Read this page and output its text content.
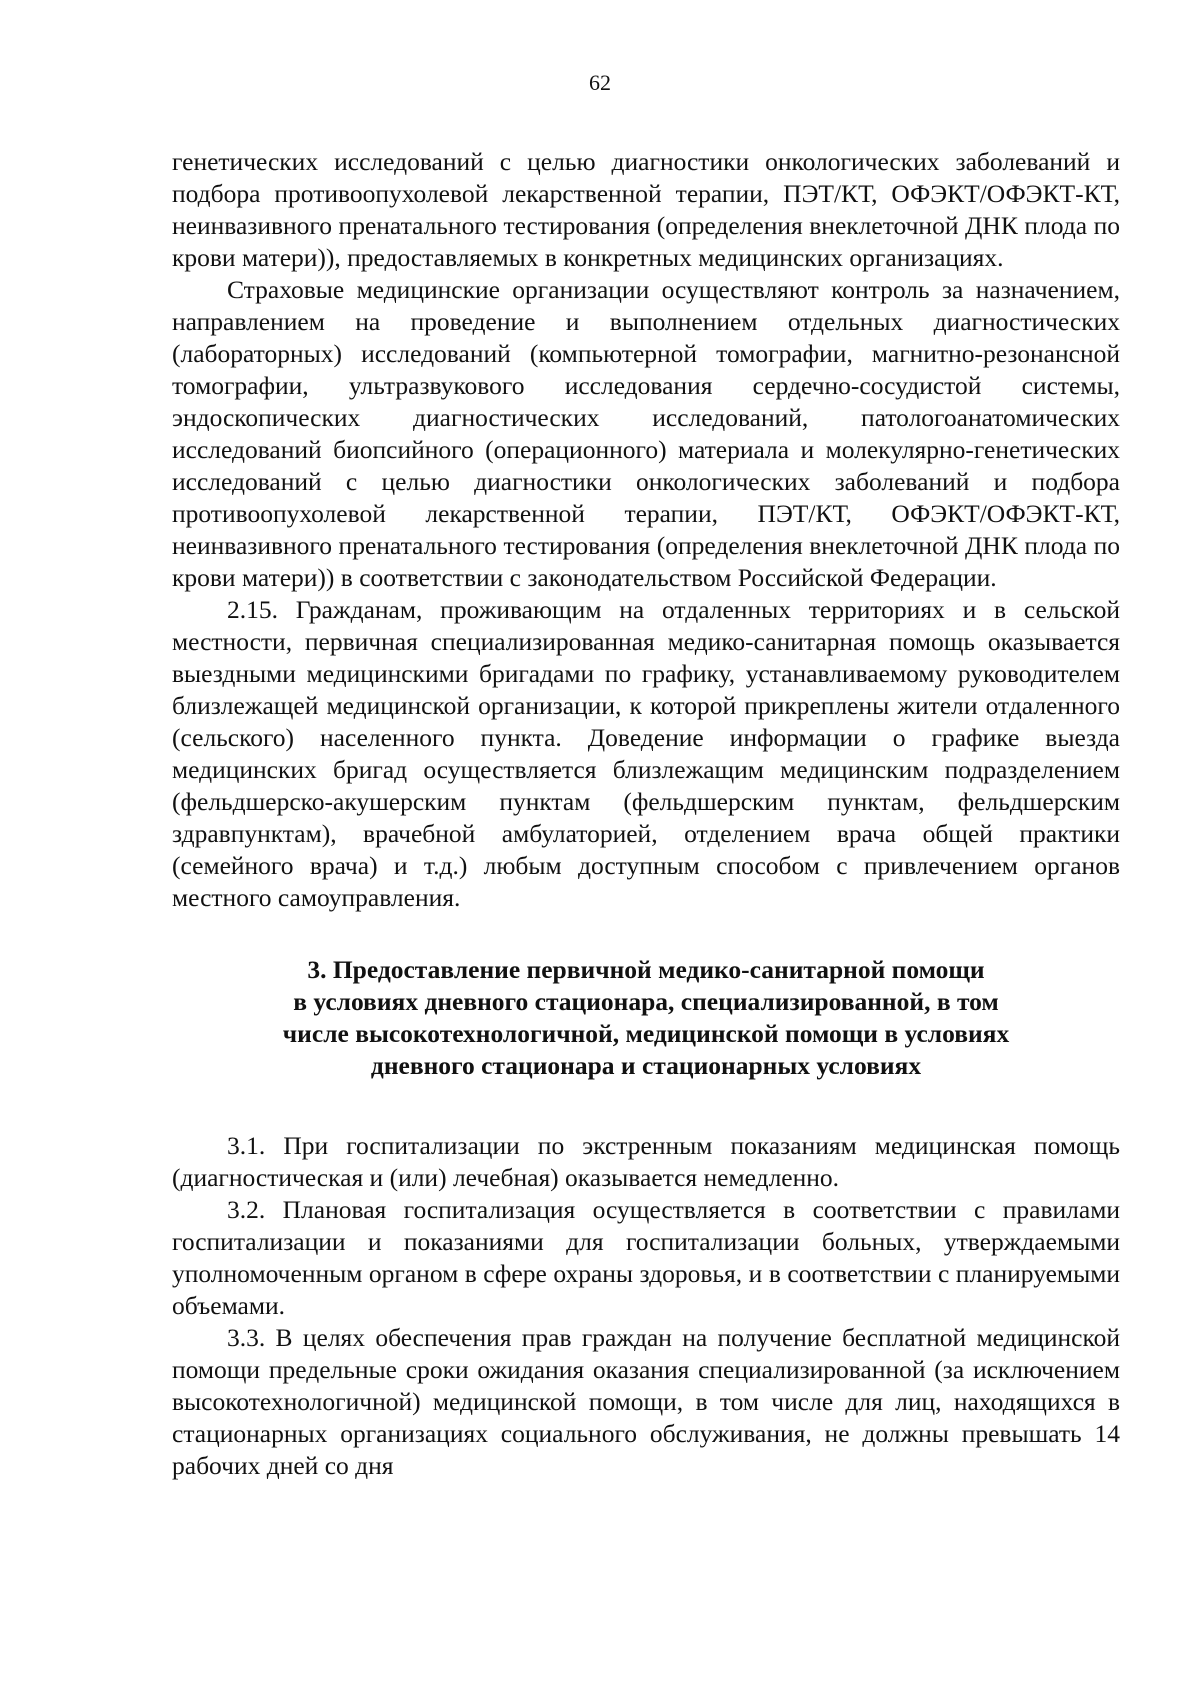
62

генетических исследований с целью диагностики онкологических заболеваний и подбора противоопухолевой лекарственной терапии, ПЭТ/КТ, ОФЭКТ/ОФЭКТ-КТ, неинвазивного пренатального тестирования (определения внеклеточной ДНК плода по крови матери)), предоставляемых в конкретных медицинских организациях.

Страховые медицинские организации осуществляют контроль за назначением, направлением на проведение и выполнением отдельных диагностических (лабораторных) исследований (компьютерной томографии, магнитно-резонансной томографии, ультразвукового исследования сердечно-сосудистой системы, эндоскопических диагностических исследований, патологоанатомических исследований биопсийного (операционного) материала и молекулярно-генетических исследований с целью диагностики онкологических заболеваний и подбора противоопухолевой лекарственной терапии, ПЭТ/КТ, ОФЭКТ/ОФЭКТ-КТ, неинвазивного пренатального тестирования (определения внеклеточной ДНК плода по крови матери)) в соответствии с законодательством Российской Федерации.

2.15. Гражданам, проживающим на отдаленных территориях и в сельской местности, первичная специализированная медико-санитарная помощь оказывается выездными медицинскими бригадами по графику, устанавливаемому руководителем близлежащей медицинской организации, к которой прикреплены жители отдаленного (сельского) населенного пункта. Доведение информации о графике выезда медицинских бригад осуществляется близлежащим медицинским подразделением (фельдшерско-акушерским пунктам (фельдшерским пунктам, фельдшерским здравпунктам), врачебной амбулаторией, отделением врача общей практики (семейного врача) и т.д.) любым доступным способом с привлечением органов местного самоуправления.

3. Предоставление первичной медико-санитарной помощи
в условиях дневного стационара, специализированной, в том
числе высокотехнологичной, медицинской помощи в условиях
дневного стационара и стационарных условиях

3.1. При госпитализации по экстренным показаниям медицинская помощь (диагностическая и (или) лечебная) оказывается немедленно.

3.2. Плановая госпитализация осуществляется в соответствии с правилами госпитализации и показаниями для госпитализации больных, утверждаемыми уполномоченным органом в сфере охраны здоровья, и в соответствии с планируемыми объемами.

3.3. В целях обеспечения прав граждан на получение бесплатной медицинской помощи предельные сроки ожидания оказания специализированной (за исключением высокотехнологичной) медицинской помощи, в том числе для лиц, находящихся в стационарных организациях социального обслуживания, не должны превышать 14 рабочих дней со дня
